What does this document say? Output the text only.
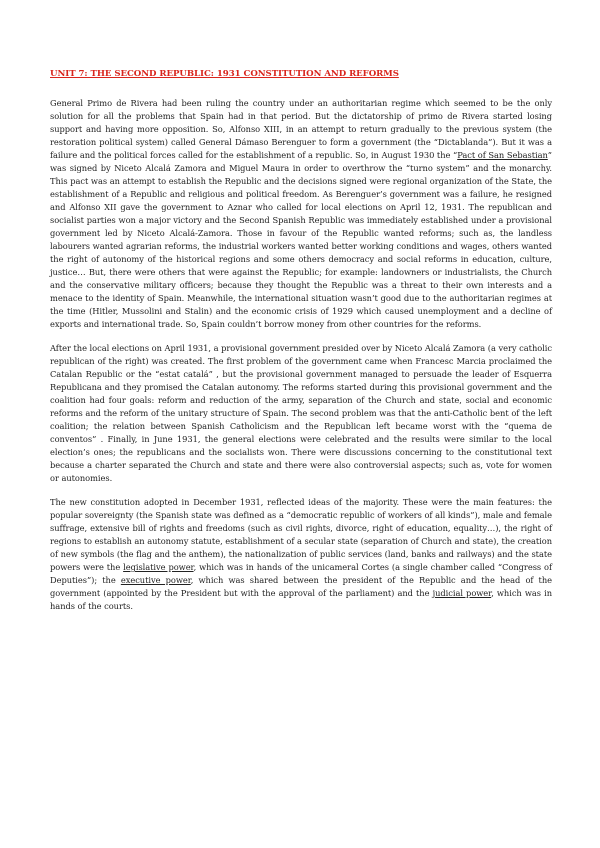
UNIT 7: THE SECOND REPUBLIC: 1931 CONSTITUTION AND REFORMS

General Primo de Rivera had been ruling the country under an authoritarian regime which seemed to be the only solution for all the problems that Spain had in that period. But the dictatorship of primo de Rivera started losing support and having more opposition. So, Alfonso XIII, in an attempt to return gradually to the previous system (the restoration political system) called General Dámaso Berenguer to form a government (the “Dictablanda”). But it was a failure and the political forces called for the establishment of a republic. So, in August 1930 the “Pact of San Sebastian” was signed by Niceto Alcalá Zamora and Miguel Maura in order to overthrow the “turno system” and the monarchy. This pact was an attempt to establish the Republic and the decisions signed were regional organization of the State, the establishment of a Republic and religious and political freedom. As Berenguer’s government was a failure, he resigned and Alfonso XII gave the government to Aznar who called for local elections on April 12, 1931. The republican and socialist parties won a major victory and the Second Spanish Republic was immediately established under a provisional government led by Niceto Alcalá-Zamora. Those in favour of the Republic wanted reforms; such as, the landless labourers wanted agrarian reforms, the industrial workers wanted better working conditions and wages, others wanted the right of autonomy of the historical regions and some others democracy and social reforms in education, culture, justice… But, there were others that were against the Republic; for example: landowners or industrialists, the Church and the conservative military officers; because they thought the Republic was a threat to their own interests and a menace to the identity of Spain. Meanwhile, the international situation wasn’t good due to the authoritarian regimes at the time (Hitler, Mussolini and Stalin) and the economic crisis of 1929 which caused unemployment and a decline of exports and international trade. So, Spain couldn’t borrow money from other countries for the reforms.

After the local elections on April 1931, a provisional government presided over by Niceto Alcalá Zamora (a very catholic republican of the right) was created. The first problem of the government came when Francesc Marcia proclaimed the Catalan Republic or the “estat catalá” , but the provisional government managed to persuade the leader of Esquerra Republicana and they promised the Catalan autonomy. The reforms started during this provisional government and the coalition had four goals: reform and reduction of the army, separation of the Church and state, social and economic reforms and the reform of the unitary structure of Spain. The second problem was that the anti-Catholic bent of the left coalition; the relation between Spanish Catholicism and the Republican left became worst with the “quema de conventos” . Finally, in June 1931, the general elections were celebrated and the results were similar to the local election’s ones; the republicans and the socialists won. There were discussions concerning to the constitutional text because a charter separated the Church and state and there were also controversial aspects; such as, vote for women or autonomies.

The new constitution adopted in December 1931, reflected ideas of the majority. These were the main features: the popular sovereignty (the Spanish state was defined as a “democratic republic of workers of all kinds”), male and female suffrage, extensive bill of rights and freedoms (such as civil rights, divorce, right of education, equality…), the right of regions to establish an autonomy statute, establishment of a secular state (separation of Church and state), the creation of new symbols (the flag and the anthem), the nationalization of public services (land, banks and railways) and the state powers were the legislative power, which was in hands of the unicameral Cortes (a single chamber called “Congress of Deputies”); the executive power, which was shared between the president of the Republic and the head of the government (appointed by the President but with the approval of the parliament) and the judicial power, which was in hands of the courts.
